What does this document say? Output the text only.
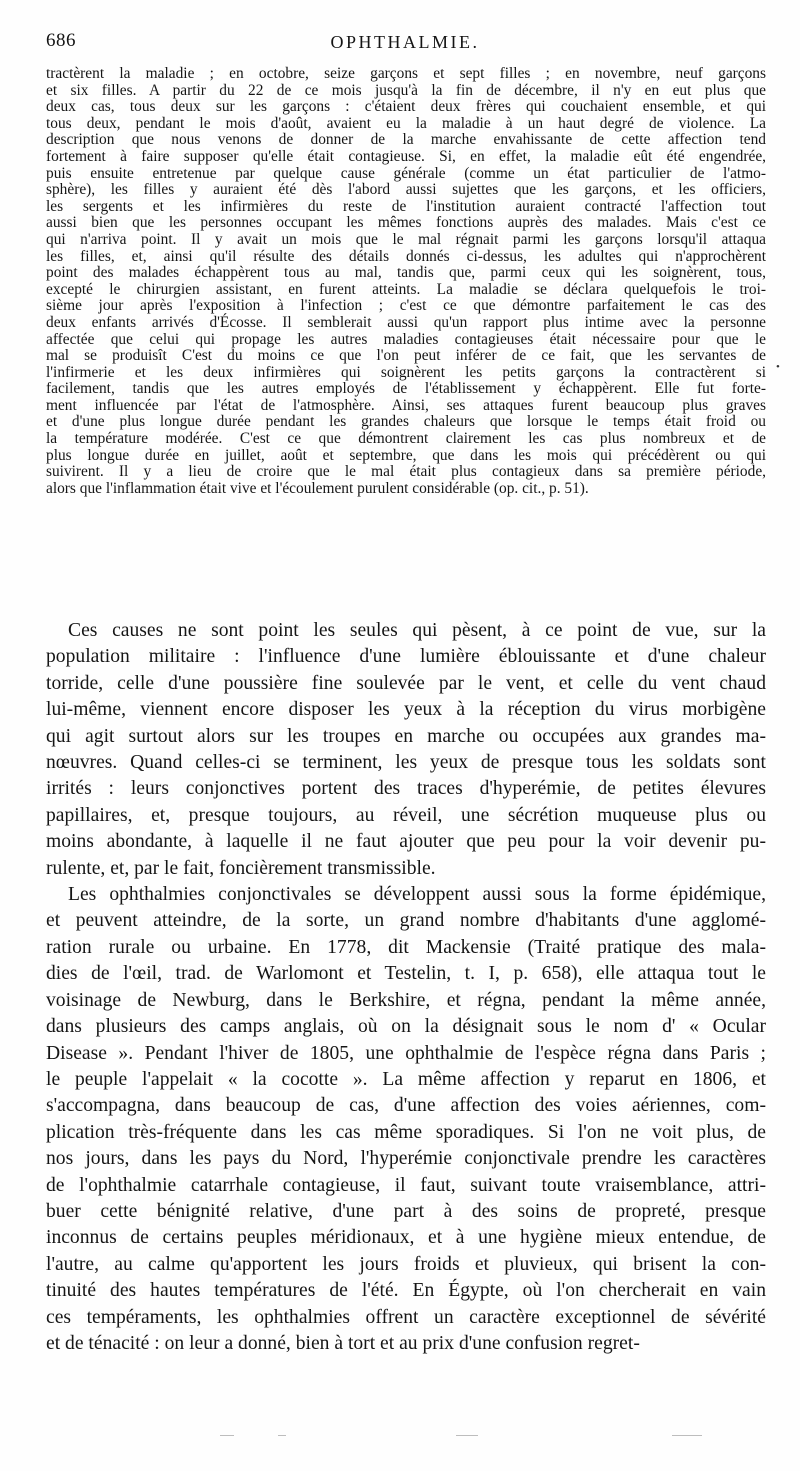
686	OPHTHALMIE.
tractèrent la maladie ; en octobre, seize garçons et sept filles ; en novembre, neuf garçons
et six filles. A partir du 22 de ce mois jusqu'à la fin de décembre, il n'y en eut plus que
deux cas, tous deux sur les garçons : c'étaient deux frères qui couchaient ensemble, et qui
tous deux, pendant le mois d'août, avaient eu la maladie à un haut degré de violence. La
description que nous venons de donner de la marche envahissante de cette affection tend
fortement à faire supposer qu'elle était contagieuse. Si, en effet, la maladie eût été engendrée,
puis ensuite entretenue par quelque cause générale (comme un état particulier de l'atmo-
sphère), les filles y auraient été dès l'abord aussi sujettes que les garçons, et les officiers,
les sergents et les infirmières du reste de l'institution auraient contracté l'affection tout
aussi bien que les personnes occupant les mêmes fonctions auprès des malades. Mais c'est ce
qui n'arriva point. Il y avait un mois que le mal régnait parmi les garçons lorsqu'il attaqua
les filles, et, ainsi qu'il résulte des détails donnés ci-dessus, les adultes qui n'approchèrent
point des malades échappèrent tous au mal, tandis que, parmi ceux qui les soignèrent, tous,
excepté le chirurgien assistant, en furent atteints. La maladie se déclara quelquefois le troi-
sième jour après l'exposition à l'infection ; c'est ce que démontre parfaitement le cas des
deux enfants arrivés d'Écosse. Il semblerait aussi qu'un rapport plus intime avec la personne
affectée que celui qui propage les autres maladies contagieuses était nécessaire pour que le
mal se produisît C'est du moins ce que l'on peut inférer de ce fait, que les servantes de
l'infirmerie et les deux infirmières qui soignèrent les petits garçons la contractèrent si
facilement, tandis que les autres employés de l'établissement y échappèrent. Elle fut forte-
ment influencée par l'état de l'atmosphère. Ainsi, ses attaques furent beaucoup plus graves
et d'une plus longue durée pendant les grandes chaleurs que lorsque le temps était froid ou
la température modérée. C'est ce que démontrent clairement les cas plus nombreux et de
plus longue durée en juillet, août et septembre, que dans les mois qui précédèrent ou qui
suivirent. Il y a lieu de croire que le mal était plus contagieux dans sa première période,
alors que l'inflammation était vive et l'écoulement purulent considérable (op. cit., p. 51).
•
Ces causes ne sont point les seules qui pèsent, à ce point de vue, sur la
population militaire : l'influence d'une lumière éblouissante et d'une chaleur
torride, celle d'une poussière fine soulevée par le vent, et celle du vent chaud
lui-même, viennent encore disposer les yeux à la réception du virus morbigène
qui agit surtout alors sur les troupes en marche ou occupées aux grandes ma-
nœuvres. Quand celles-ci se terminent, les yeux de presque tous les soldats sont
irrités : leurs conjonctives portent des traces d'hyperémie, de petites élevures
papillaires, et, presque toujours, au réveil, une sécrétion muqueuse plus ou
moins abondante, à laquelle il ne faut ajouter que peu pour la voir devenir pu-
rulente, et, par le fait, foncièrement transmissible.
Les ophthalmies conjonctivales se développent aussi sous la forme épidémique,
et peuvent atteindre, de la sorte, un grand nombre d'habitants d'une agglomé-
ration rurale ou urbaine. En 1778, dit Mackensie (Traité pratique des mala-
dies de l'œil, trad. de Warlomont et Testelin, t. I, p. 658), elle attaqua tout le
voisinage de Newburg, dans le Berkshire, et régna, pendant la même année,
dans plusieurs des camps anglais, où on la désignait sous le nom d' « Ocular
Disease ». Pendant l'hiver de 1805, une ophthalmie de l'espèce régna dans Paris ;
le peuple l'appelait « la cocotte ». La même affection y reparut en 1806, et
s'accompagna, dans beaucoup de cas, d'une affection des voies aériennes, com-
plication très-fréquente dans les cas même sporadiques. Si l'on ne voit plus, de
nos jours, dans les pays du Nord, l'hyperémie conjonctivale prendre les caractères
de l'ophthalmie catarrhale contagieuse, il faut, suivant toute vraisemblance, attri-
buer cette bénignité relative, d'une part à des soins de propreté, presque
inconnus de certains peuples méridionaux, et à une hygiène mieux entendue, de
l'autre, au calme qu'apportent les jours froids et pluvieux, qui brisent la con-
tinuité des hautes températures de l'été. En Égypte, où l'on chercherait en vain
ces tempéraments, les ophthalmies offrent un caractère exceptionnel de sévérité
et de ténacité : on leur a donné, bien à tort et au prix d'une confusion regret-
